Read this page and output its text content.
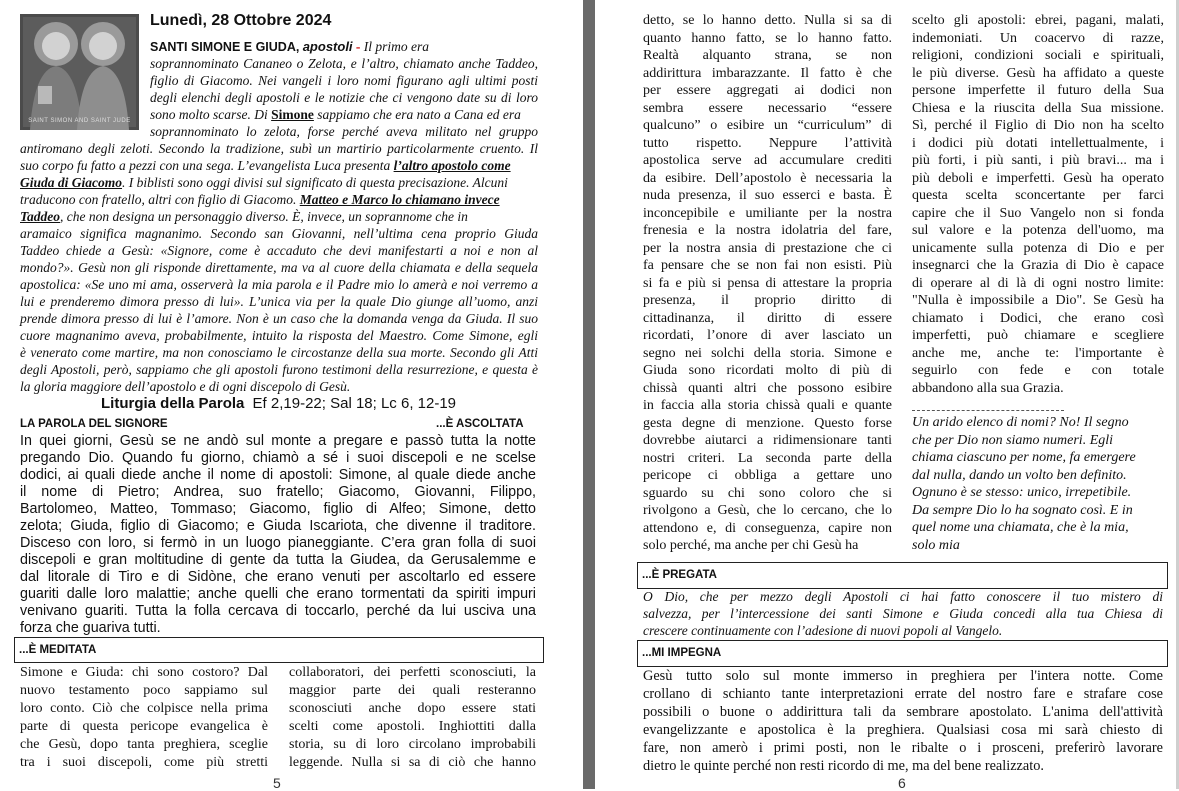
SAINT SIMON AND SAINT JUDE
Lunedì, 28 Ottobre 2024
SANTI SIMONE E GIUDA, apostoli - Il primo era
soprannominato Cananeo o Zelota, e l’altro, chiamato anche Taddeo,
figlio di Giacomo. Nei vangeli i loro nomi figurano agli ultimi posti
degli elenchi degli apostoli e le notizie che ci vengono date su di loro
sono molto scarse. Di Simone sappiamo che era nato a Cana ed era
soprannominato lo zelota, forse perché aveva militato nel gruppo
antiromano degli zeloti. Secondo la tradizione, subì un martirio particolarmente cruento. Il
suo corpo fu fatto a pezzi con una sega. L’evangelista Luca presenta l’altro apostolo come
Giuda di Giacomo. I biblisti sono oggi divisi sul significato di questa precisazione. Alcuni
traducono con fratello, altri con figlio di Giacomo. Matteo e Marco lo chiamano invece
Taddeo, che non designa un personaggio diverso. È, invece, un soprannome che in
aramaico significa magnanimo. Secondo san Giovanni, nell’ultima cena proprio Giuda
Taddeo chiede a Gesù: «Signore, come è accaduto che devi manifestarti a noi e non al
mondo?». Gesù non gli risponde direttamente, ma va al cuore della chiamata e della sequela
apostolica: «Se uno mi ama, osserverà la mia parola e il Padre mio lo amerà e noi verremo a
lui e prenderemo dimora presso di lui». L’unica via per la quale Dio giunge all’uomo, anzi
prende dimora presso di lui è l’amore. Non è un caso che la domanda venga da Giuda. Il suo
cuore magnanimo aveva, probabilmente, intuito la risposta del Maestro. Come Simone, egli
è venerato come martire, ma non conosciamo le circostanze della sua morte. Secondo gli Atti
degli Apostoli, però, sappiamo che gli apostoli furono testimoni della resurrezione, e questa è
la gloria maggiore dell’apostolo e di ogni discepolo di Gesù.
Liturgia della Parola Ef 2,19-22; Sal 18; Lc 6, 12-19
LA PAROLA DEL SIGNORE	...È ASCOLTATA
In quei giorni, Gesù se ne andò sul monte a pregare e passò tutta la notte
pregando Dio. Quando fu giorno, chiamò a sé i suoi discepoli e ne scelse
dodici, ai quali diede anche il nome di apostoli: Simone, al quale diede anche
il nome di Pietro; Andrea, suo fratello; Giacomo, Giovanni, Filippo,
Bartolomeo, Matteo, Tommaso; Giacomo, figlio di Alfeo; Simone, detto
zelota; Giuda, figlio di Giacomo; e Giuda Iscariota, che divenne il traditore.
Disceso con loro, si fermò in un luogo pianeggiante. C’era gran folla di suoi
discepoli e gran moltitudine di gente da tutta la Giudea, da Gerusalemme e
dal litorale di Tiro e di Sidòne, che erano venuti per ascoltarlo ed essere
guariti dalle loro malattie; anche quelli che erano tormentati da spiriti impuri
venivano guariti. Tutta la folla cercava di toccarlo, perché da lui usciva una
forza che guariva tutti.
...È MEDITATA
Simone e Giuda: chi sono costoro? Dal
nuovo testamento poco sappiamo sul
loro conto. Ciò che colpisce nella prima
parte di questa pericope evangelica è
che Gesù, dopo tanta preghiera, sceglie
tra i suoi discepoli, come più stretti
collaboratori, dei perfetti sconosciuti, la
maggior parte dei quali resteranno
sconosciuti anche dopo essere stati
scelti come apostoli. Inghiottiti dalla
storia, su di loro circolano improbabili
leggende. Nulla si sa di ciò che hanno
5
detto, se lo hanno detto. Nulla si sa di
quanto hanno fatto, se lo hanno fatto.
Realtà alquanto strana, se non
addirittura imbarazzante. Il fatto è che
per essere aggregati ai dodici non
sembra essere necessario “essere
qualcuno” o esibire un “curriculum” di
tutto rispetto. Neppure l’attività
apostolica serve ad accumulare crediti
da esibire. Dell’apostolo è necessaria la
nuda presenza, il suo esserci e basta. È
inconcepibile e umiliante per la nostra
frenesia e la nostra idolatria del fare,
per la nostra ansia di prestazione che ci
fa pensare che se non fai non esisti. Più
si fa e più si pensa di attestare la propria
presenza, il proprio diritto di
cittadinanza, il diritto di essere
ricordati, l’onore di aver lasciato un
segno nei solchi della storia. Simone e
Giuda sono ricordati molto di più di
chissà quanti altri che possono esibire
in faccia alla storia chissà quali e quante
gesta degne di menzione. Questo forse
dovrebbe aiutarci a ridimensionare tanti
nostri criteri. La seconda parte della
pericope ci obbliga a gettare uno
sguardo su chi sono coloro che si
rivolgono a Gesù, che lo cercano, che lo
attendono e, di conseguenza, capire non
solo perché, ma anche per chi Gesù ha
scelto gli apostoli: ebrei, pagani, malati,
indemoniati. Un coacervo di razze,
religioni, condizioni sociali e spirituali,
le più diverse. Gesù ha affidato a queste
persone imperfette il futuro della Sua
Chiesa e la riuscita della Sua missione.
Sì, perché il Figlio di Dio non ha scelto
i dodici più dotati intellettualmente, i
più forti, i più santi, i più bravi... ma i
più deboli e imperfetti. Gesù ha operato
questa scelta sconcertante per farci
capire che il Suo Vangelo non si fonda
sul valore e la potenza dell'uomo, ma
unicamente sulla potenza di Dio e per
insegnarci che la Grazia di Dio è capace
di operare al di là di ogni nostro limite:
"Nulla è impossibile a Dio". Se Gesù ha
chiamato i Dodici, che erano così
imperfetti, può chiamare e scegliere
anche me, anche te: l'importante è
seguirlo con fede e con totale
abbandono alla sua Grazia.
Un arido elenco di nomi? No! Il segno
che per Dio non siamo numeri. Egli
chiama ciascuno per nome, fa emergere
dal nulla, dando un volto ben definito.
Ognuno è se stesso: unico, irrepetibile.
Da sempre Dio lo ha sognato così. E in
quel nome una chiamata, che è la mia,
solo mia
...È PREGATA
O Dio, che per mezzo degli Apostoli ci hai fatto conoscere il tuo mistero di
salvezza, per l’intercessione dei santi Simone e Giuda concedi alla tua Chiesa di
crescere continuamente con l’adesione di nuovi popoli al Vangelo.
...MI IMPEGNA
Gesù tutto solo sul monte immerso in preghiera per l'intera notte. Come
crollano di schianto tante interpretazioni errate del nostro fare e strafare cose
possibili o buone o addirittura tali da sembrare apostolato. L'anima dell'attività
evangelizzante e apostolica è la preghiera. Qualsiasi cosa mi sarà chiesto di
fare, non amerò i primi posti, non le ribalte o i prosceni, preferirò lavorare
dietro le quinte perché non resti ricordo di me, ma del bene realizzato.
6
